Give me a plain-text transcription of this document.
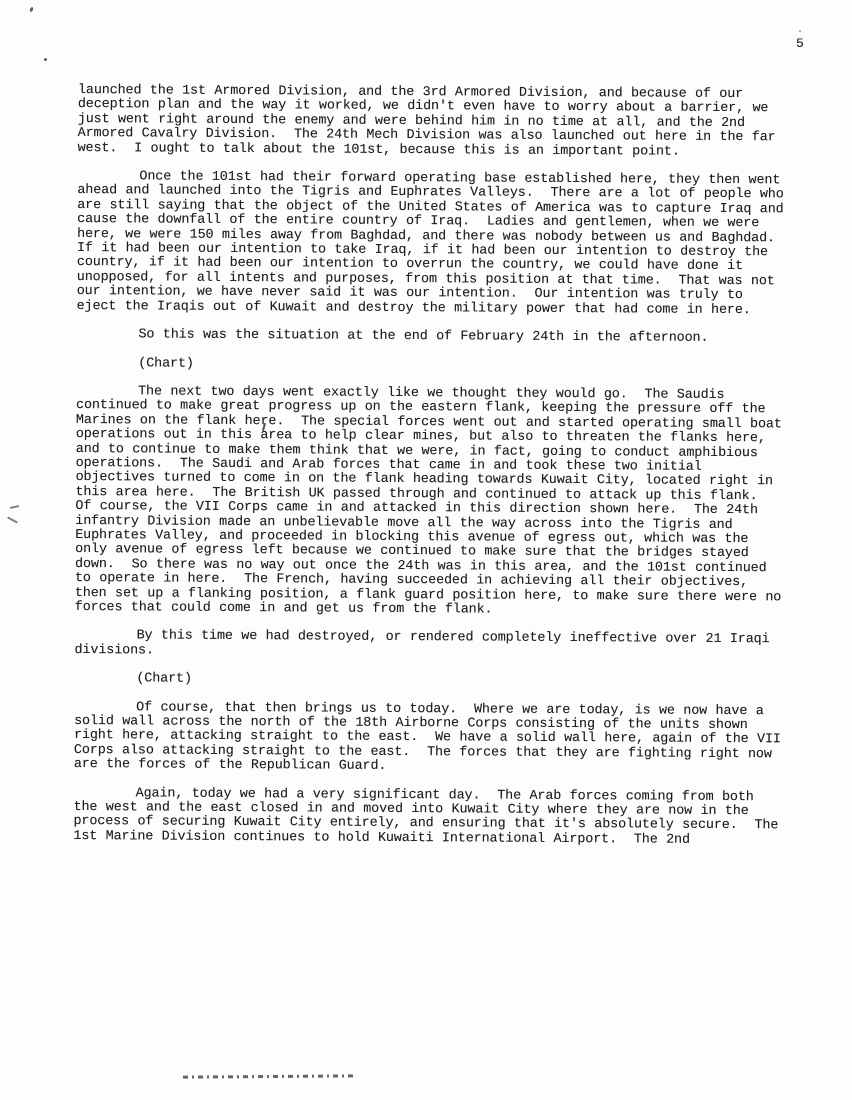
5

launched the 1st Armored Division, and the 3rd Armored Division, and because of our deception plan and the way it worked, we didn't even have to worry about a barrier, we just went right around the enemy and were behind him in no time at all, and the 2nd Armored Cavalry Division.  The 24th Mech Division was also launched out here in the far west.  I ought to talk about the 101st, because this is an important point.

Once the 101st had their forward operating base established here, they then went ahead and launched into the Tigris and Euphrates Valleys.  There are a lot of people who are still saying that the object of the United States of America was to capture Iraq and cause the downfall of the entire country of Iraq.  Ladies and gentlemen, when we were here, we were 150 miles away from Baghdad, and there was nobody between us and Baghdad.  If it had been our intention to take Iraq, if it had been our intention to destroy the country, if it had been our intention to overrun the country, we could have done it unopposed, for all intents and purposes, from this position at that time.  That was not our intention, we have never said it was our intention.  Our intention was truly to eject the Iraqis out of Kuwait and destroy the military power that had come in here.

So this was the situation at the end of February 24th in the afternoon.

(Chart)

The next two days went exactly like we thought they would go.  The Saudis continued to make great progress up on the eastern flank, keeping the pressure off the Marines on the flank here.  The special forces went out and started operating small boat operations out in this area to help clear mines, but also to threaten the flanks here, and to continue to make them think that we were, in fact, going to conduct amphibious operations.  The Saudi and Arab forces that came in and took these two initial objectives turned to come in on the flank heading towards Kuwait City, located right in this area here.  The British UK passed through and continued to attack up this flank.  Of course, the VII Corps came in and attacked in this direction shown here.  The 24th infantry Division made an unbelievable move all the way across into the Tigris and Euphrates Valley, and proceeded in blocking this avenue of egress out, which was the only avenue of egress left because we continued to make sure that the bridges stayed down.  So there was no way out once the 24th was in this area, and the 101st continued to operate in here.  The French, having succeeded in achieving all their objectives, then set up a flanking position, a flank guard position here, to make sure there were no forces that could come in and get us from the flank.

By this time we had destroyed, or rendered completely ineffective over 21 Iraqi divisions.

(Chart)

Of course, that then brings us to today.  Where we are today, is we now have a solid wall across the north of the 18th Airborne Corps consisting of the units shown right here, attacking straight to the east.  We have a solid wall here, again of the VII Corps also attacking straight to the east.  The forces that they are fighting right now are the forces of the Republican Guard.

Again, today we had a very significant day.  The Arab forces coming from both the west and the east closed in and moved into Kuwait City where they are now in the process of securing Kuwait City entirely, and ensuring that it's absolutely secure.  The 1st Marine Division continues to hold Kuwaiti International Airport.  The 2nd
